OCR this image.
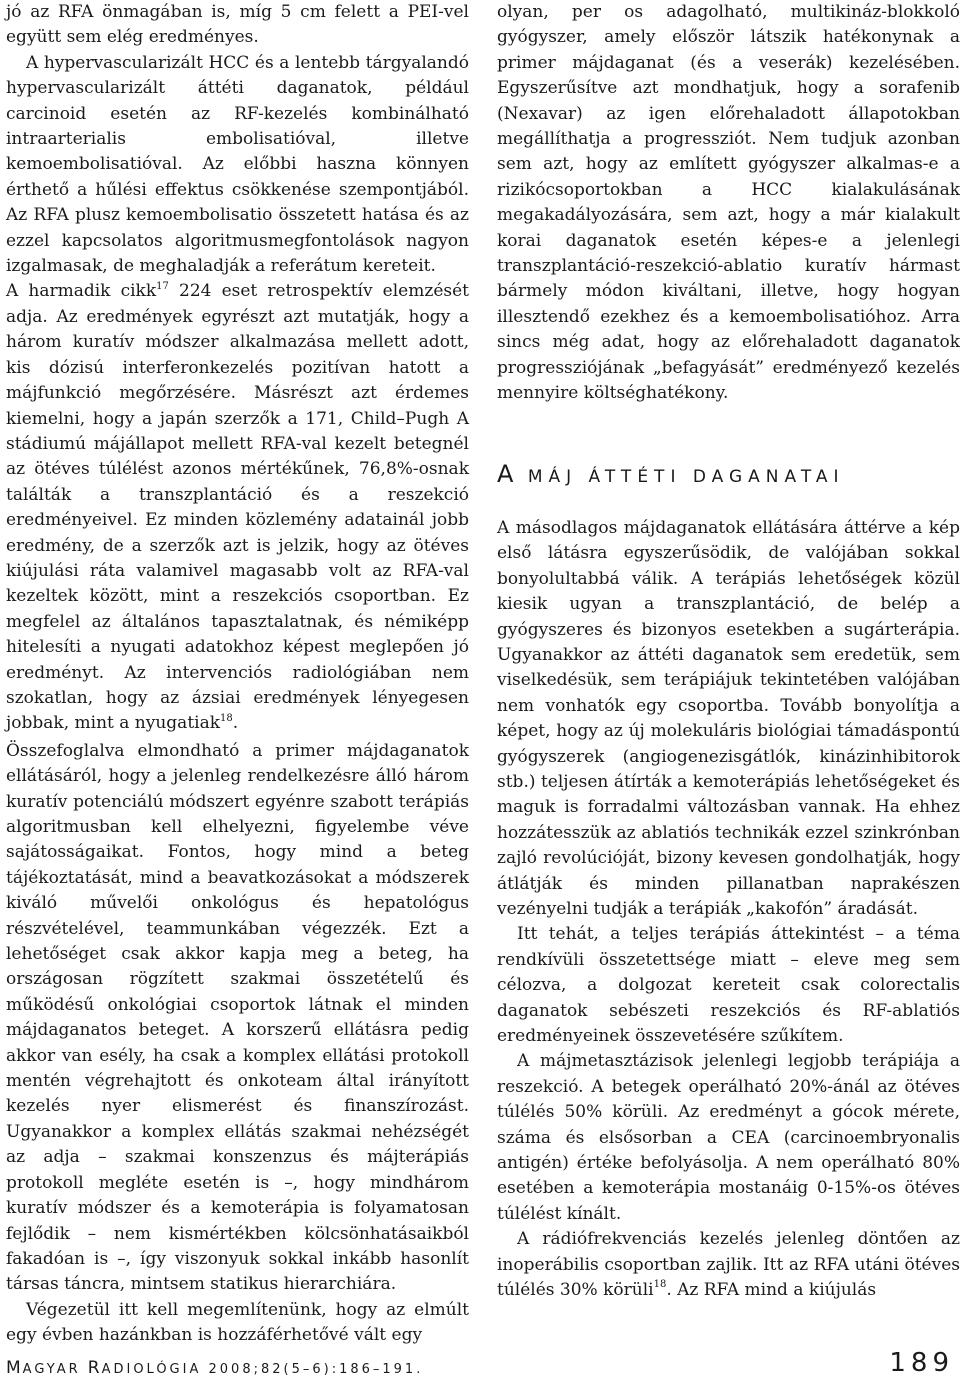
jó az RFA önmagában is, míg 5 cm felett a PEI-vel együtt sem elég eredményes.

A hypervascularizált HCC és a lentebb tárgyalandó hypervascularizált áttéti daganatok, például carcinoid esetén az RF-kezelés kombinálható intraarterialis embolisatióval, illetve kemoembolisatióval. Az előbbi haszna könnyen érthető a hűlési effektus csökkenése szempontjából. Az RFA plusz kemoembolisatio összetett hatása és az ezzel kapcsolatos algoritmusmegfontolások nagyon izgalmasak, de meghaladják a referátum kereteit.

A harmadik cikk$^{17}$ 224 eset retrospektív elemzését adja. Az eredmények egyrészt azt mutatják, hogy a három kuratív módszer alkalmazása mellett adott, kis dózisú interferonkezelés pozitívan hatott a májfunkció megőrzésére. Másrészt azt érdemes kiemelni, hogy a japán szerzők a 171, Child–Pugh A stádiumú májállapot mellett RFA-val kezelt betegnél az ötéves túlélést azonos mértékűnek, 76,8%-osnak találták a transzplantáció és a reszekció eredményeivel. Ez minden közlemény adatainál jobb eredmény, de a szerzők azt is jelzik, hogy az ötéves kiújulási ráta valamivel magasabb volt az RFA-val kezeltek között, mint a reszekciós csoportban. Ez megfelel az általános tapasztalatnak, és némiképp hitelesíti a nyugati adatokhoz képest meglepően jó eredményt. Az intervenciós radiológiában nem szokatlan, hogy az ázsiai eredmények lényegesen jobbak, mint a nyugatiak$^{18}$.

Összefoglalva elmondható a primer májdaganatok ellátásáról, hogy a jelenleg rendelkezésre álló három kuratív potenciálú módszert egyénre szabott terápiás algoritmusban kell elhelyezni, figyelembe véve sajátosságaikat. Fontos, hogy mind a beteg tájékoztatását, mind a beavatkozásokat a módszerek kiváló művelői onkológus és hepatológus részvételével, teammunkában végezzék. Ezt a lehetőséget csak akkor kapja meg a beteg, ha országosan rögzített szakmai összetételű és működésű onkológiai csoportok látnak el minden májdaganatos beteget. A korszerű ellátásra pedig akkor van esély, ha csak a komplex ellátási protokoll mentén végrehajtott és onkoteam által irányított kezelés nyer elismerést és finanszírozást. Ugyanakkor a komplex ellátás szakmai nehézségét az adja – szakmai konszenzus és májterápiás protokoll megléte esetén is –, hogy mindhárom kuratív módszer és a kemoterápia is folyamatosan fejlődik – nem kismértékben kölcsönhatásaikból fakadóan is –, így viszonyuk sokkal inkább hasonlít társas táncra, mintsem statikus hierarchiára.

Végezetül itt kell megemlítenünk, hogy az elmúlt egy évben hazánkban is hozzáférhetővé vált egy

olyan, per os adagolható, multikináz-blokkoló gyógyszer, amely először látszik hatékonynak a primer májdaganat (és a veserák) kezelésében. Egyszerűsítve azt mondhatjuk, hogy a sorafenib (Nexavar) az igen előrehaladott állapotokban megállíthatja a progressziót. Nem tudjuk azonban sem azt, hogy az említett gyógyszer alkalmas-e a rizikócsoportokban a HCC kialakulásának megakadályozására, sem azt, hogy a már kialakult korai daganatok esetén képes-e a jelenlegi transzplantáció-reszekció-ablatio kuratív hármast bármely módon kiváltani, illetve, hogy hogyan illesztendő ezekhez és a kemoembolisatióhoz. Arra sincs még adat, hogy az előrehaladott daganatok progressziójának „befagyását” eredményező kezelés mennyire költséghatékony.

A MÁJ ÁTTÉTI DAGANATAI

A másodlagos májdaganatok ellátására áttérve a kép első látásra egyszerűsödik, de valójában sokkal bonyolultabbá válik. A terápiás lehetőségek közül kiesik ugyan a transzplantáció, de belép a gyógyszeres és bizonyos esetekben a sugárterápia. Ugyanakkor az áttéti daganatok sem eredetük, sem viselkedésük, sem terápiájuk tekintetében valójában nem vonhatók egy csoportba. Tovább bonyolítja a képet, hogy az új molekuláris biológiai támadáspontú gyógyszerek (angiogenezisgátlók, kinázinhibitorok stb.) teljesen átírták a kemoterápiás lehetőségeket és maguk is forradalmi változásban vannak. Ha ehhez hozzátesszük az ablatiós technikák ezzel szinkrónban zajló revolúcióját, bizony kevesen gondolhatják, hogy átlátják és minden pillanatban naprakészen vezényelni tudják a terápiák „kakofón” áradását.

Itt tehát, a teljes terápiás áttekintést – a téma rendkívüli összetettsége miatt – eleve meg sem célozva, a dolgozat kereteit csak colorectalis daganatok sebészeti reszekciós és RF-ablatiós eredményeinek összevetésére szűkítem.

A májmetasztázisok jelenlegi legjobb terápiája a reszekció. A betegek operálható 20%-ánál az ötéves túlélés 50% körüli. Az eredményt a gócok mérete, száma és elsősorban a CEA (carcinoembryonalis antigén) értéke befolyásolja. A nem operálható 80% esetében a kemoterápia mostanáig 0-15%-os ötéves túlélést kínált.

A rádiófrekvenciás kezelés jelenleg döntően az inoperábilis csoportban zajlik. Itt az RFA utáni ötéves túlélés 30% körüli$^{18}$. Az RFA mind a kiújulás

MAGYAR RADIOLÓGIA 2008;82(5–6):186–191.	189
